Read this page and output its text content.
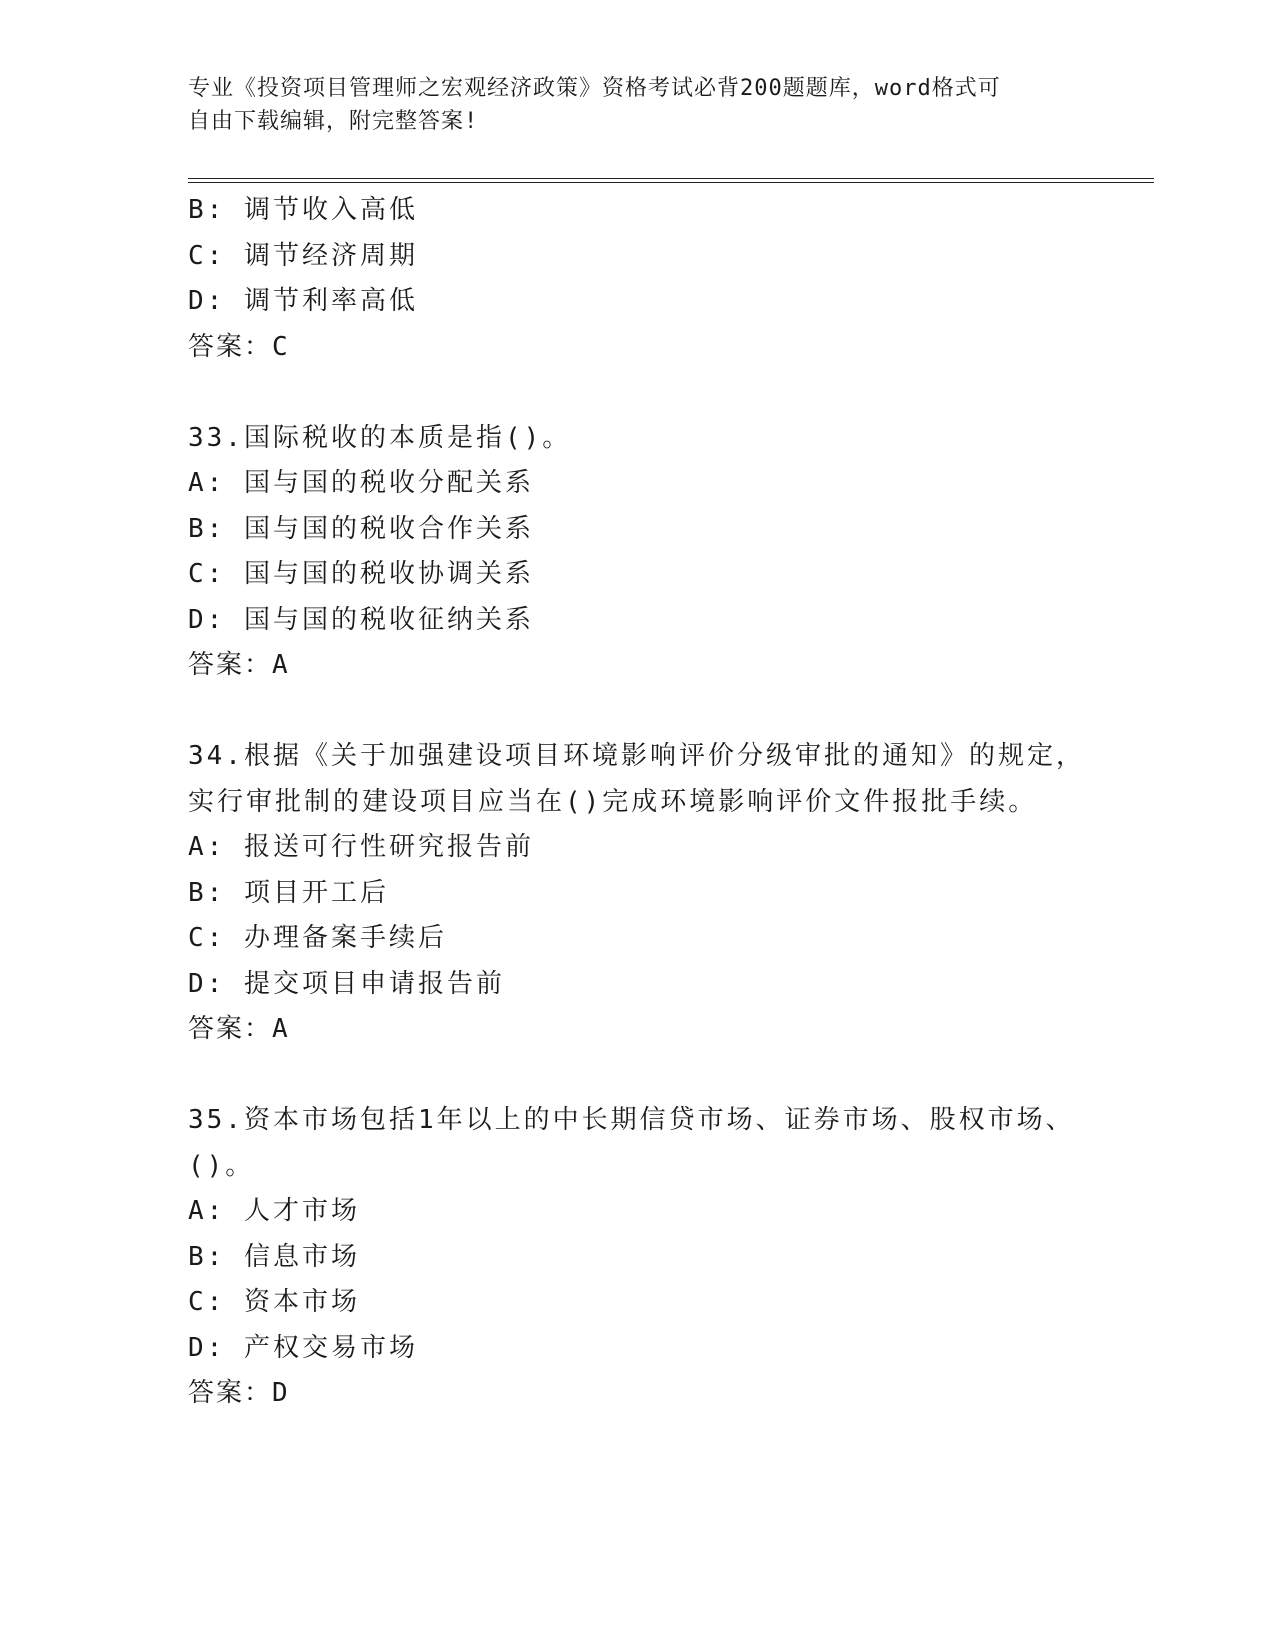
专业《投资项目管理师之宏观经济政策》资格考试必背200题题库，word格式可
自由下载编辑，附完整答案!
B: 调节收入高低
C: 调节经济周期
D: 调节利率高低
答案：C
33.国际税收的本质是指()。
A: 国与国的税收分配关系
B: 国与国的税收合作关系
C: 国与国的税收协调关系
D: 国与国的税收征纳关系
答案：A
34.根据《关于加强建设项目环境影响评价分级审批的通知》的规定，
实行审批制的建设项目应当在()完成环境影响评价文件报批手续。
A: 报送可行性研究报告前
B: 项目开工后
C: 办理备案手续后
D: 提交项目申请报告前
答案：A
35.资本市场包括1年以上的中长期信贷市场、证券市场、股权市场、
()。
A: 人才市场
B: 信息市场
C: 资本市场
D: 产权交易市场
答案：D
